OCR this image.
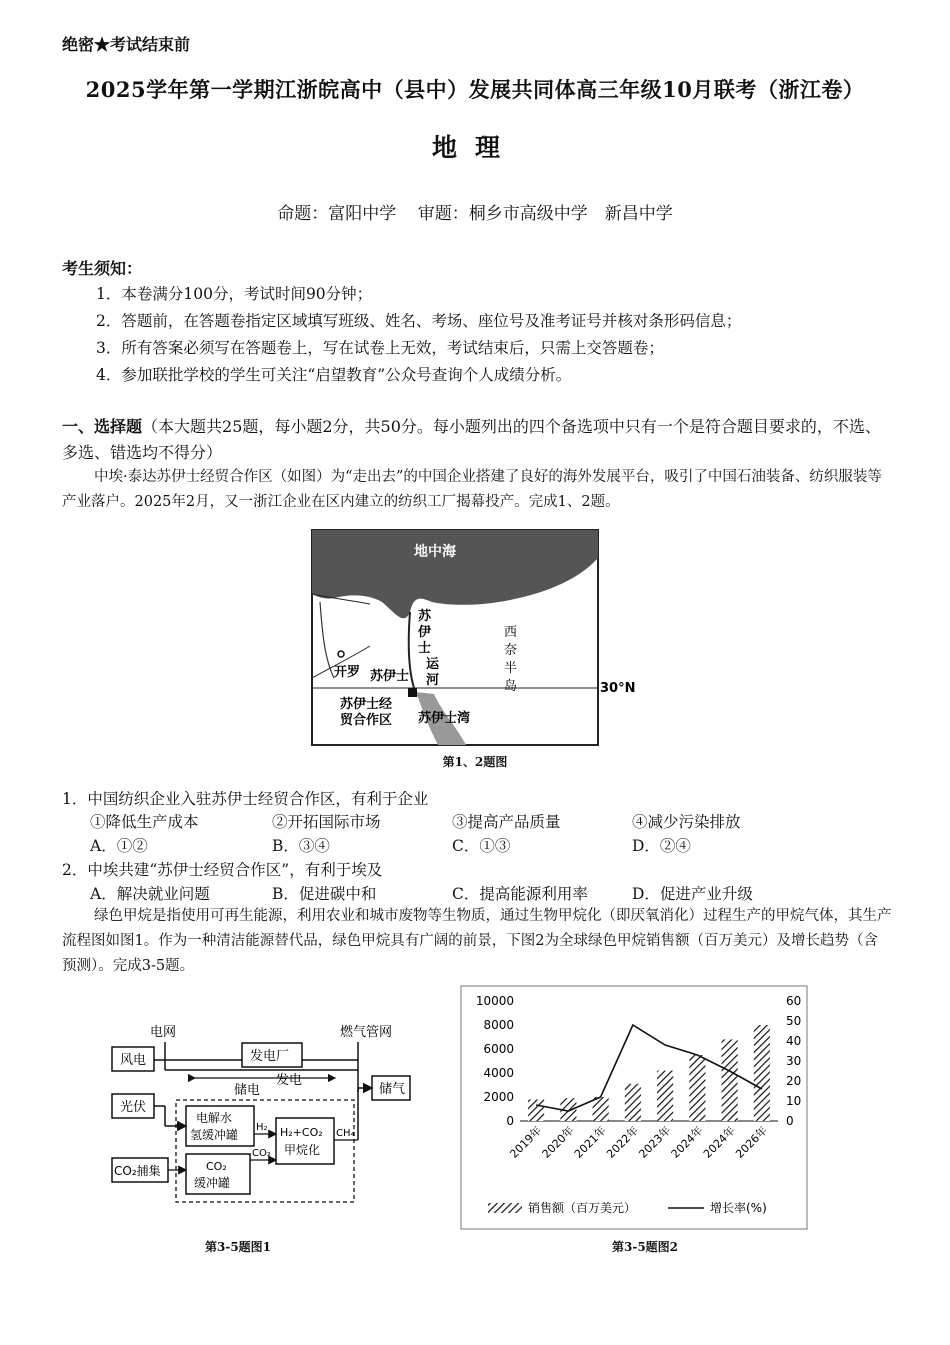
绝密★考试结束前
2025学年第一学期江浙皖高中（县中）发展共同体高三年级10月联考（浙江卷）
地理
命题：富阳中学 审题：桐乡市高级中学　新昌中学
考生须知：
1．本卷满分100分，考试时间90分钟；
2．答题前，在答题卷指定区域填写班级、姓名、考场、座位号及准考证号并核对条形码信息；
3．所有答案必须写在答题卷上，写在试卷上无效，考试结束后，只需上交答题卷；
4．参加联批学校的学生可关注“启望教育”公众号查询个人成绩分析。
一、选择题（本大题共25题，每小题2分，共50分。每小题列出的四个备选项中只有一个是符合题目要求的，不选、多选、错选均不得分）
中埃·泰达苏伊士经贸合作区（如图）为“走出去”的中国企业搭建了良好的海外发展平台，吸引了中国石油装备、纺织服装等产业落户。2025年2月，又一浙江企业在区内建立的纺织工厂揭幕投产。完成1、2题。
地中海
苏
伊
士
运
河
西
奈
半
岛
开罗 苏伊士
苏伊士经
贸合作区 苏伊士湾
30°N
第1、2题图
1．中国纺织企业入驻苏伊士经贸合作区，有利于企业
①降低生产成本	②开拓国际市场	③提高产品质量	④减少污染排放
A．①②	B．③④	C．①③	D．②④
2．中埃共建“苏伊士经贸合作区”，有利于埃及
A．解决就业问题	B．促进碳中和	C．提高能源利用率	D．促进产业升级
绿色甲烷是指使用可再生能源，利用农业和城市废物等生物质，通过生物甲烷化（即厌氧消化）过程生产的甲烷气体，其生产流程图如图1。作为一种清洁能源替代品，绿色甲烷具有广阔的前景，下图2为全球绿色甲烷销售额（百万美元）及增长趋势（含预测）。完成3-5题。
电网	燃气管网
风电	发电厂
发电
储电	储气
光伏
电解水
氢缓冲罐	H₂+CO₂
甲烷化
H₂
CH₄
CO₂捕集	CO₂
缓冲罐
CO₂
第3-5题图1
0
2000
4000
6000
8000
10000
0
10
20
30
40
50
60
2019年
2020年
2021年
2022年
2023年
2024年
2024年
2026年
销售额（百万美元）	增长率(%)
第3-5题图2
